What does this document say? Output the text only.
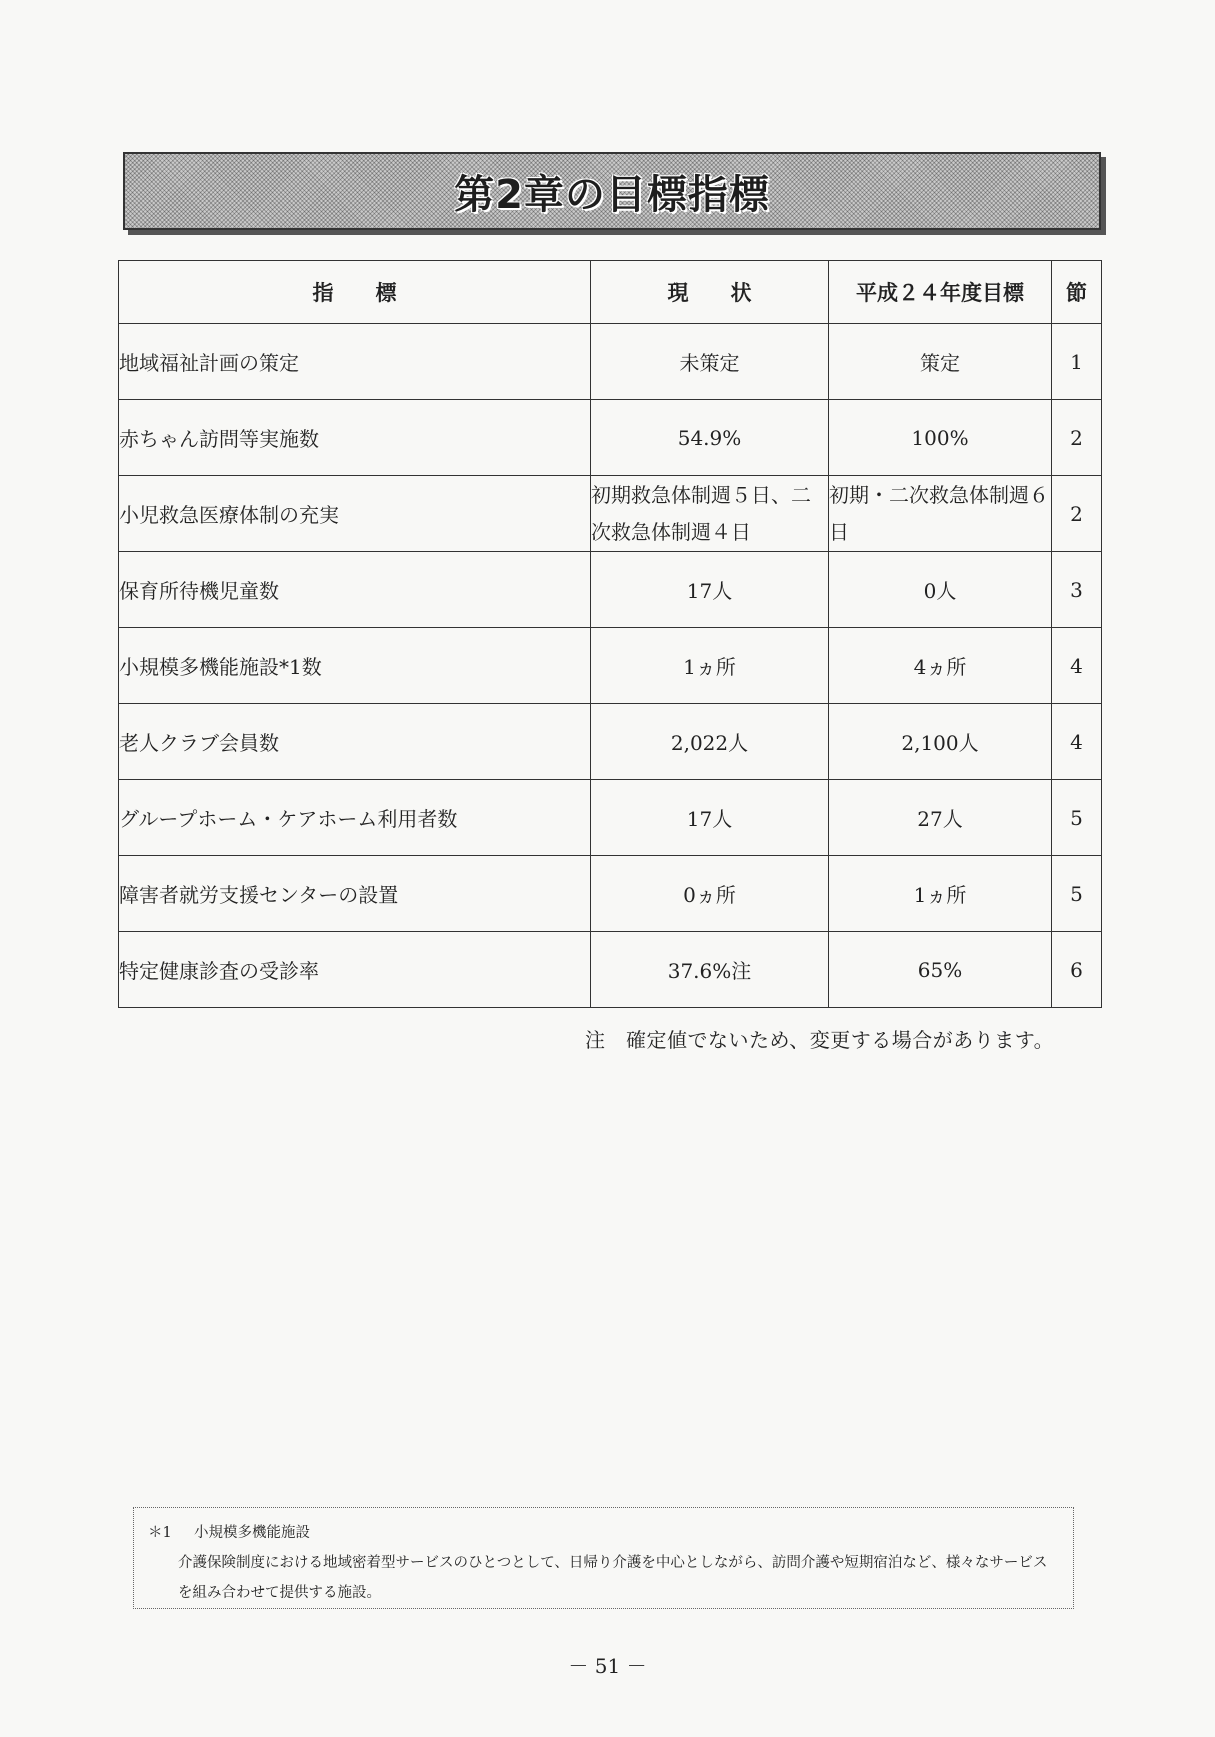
第2章の目標指標
指　　標	現　　状	平成２４年度目標	節
地域福祉計画の策定	未策定	策定	1
赤ちゃん訪問等実施数	54.9%	100%	2
小児救急医療体制の充実	初期救急体制週５日、二次救急体制週４日	初期・二次救急体制週６日	2
保育所待機児童数	17人	0人	3
小規模多機能施設*1数	1ヵ所	4ヵ所	4
老人クラブ会員数	2,022人	2,100人	4
グループホーム・ケアホーム利用者数	17人	27人	5
障害者就労支援センターの設置	0ヵ所	1ヵ所	5
特定健康診査の受診率	37.6%注	65%	6
注　確定値でないため、変更する場合があります。
＊1 小規模多機能施設
介護保険制度における地域密着型サービスのひとつとして、日帰り介護を中心としながら、訪問介護や短期宿泊など、様々なサービスを組み合わせて提供する施設。
－ 51 －
